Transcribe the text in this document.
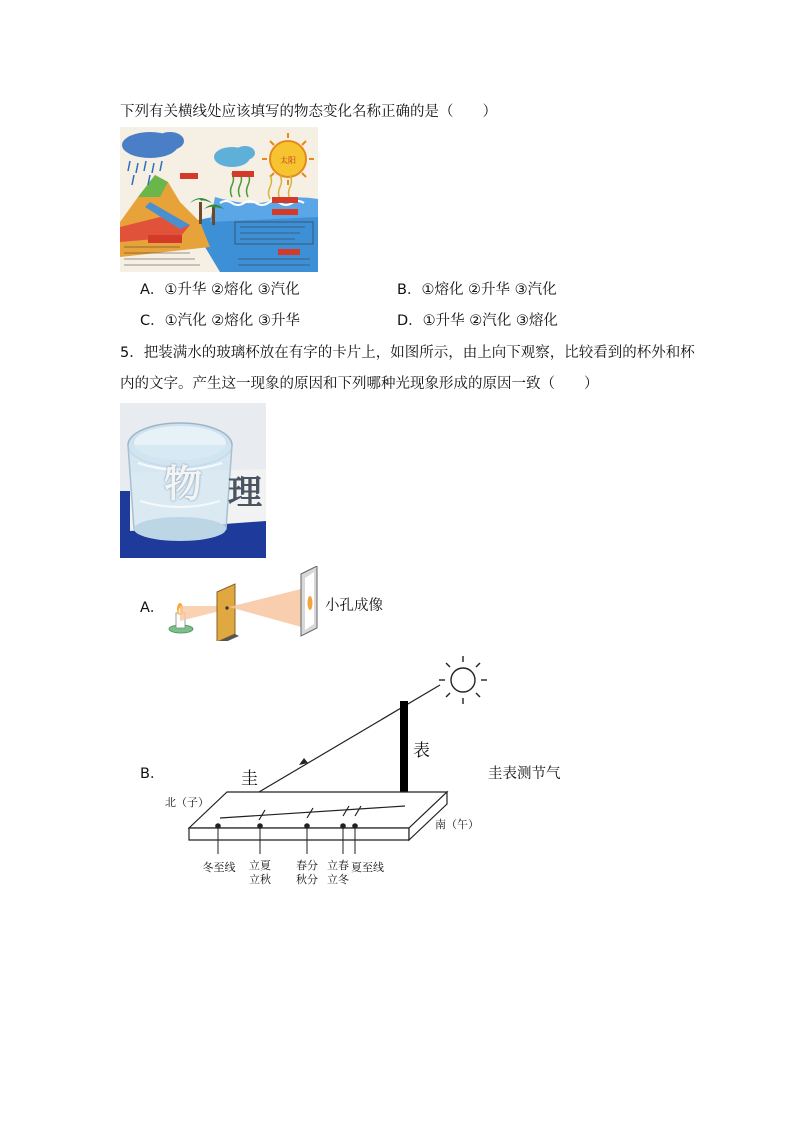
下列有关横线处应该填写的物态变化名称正确的是（　　）
太阳
A．①升华 ②熔化 ③汽化	B．①熔化 ②升华 ③汽化
C．①汽化 ②熔化 ③升华	D．①升华 ②汽化 ③熔化
5．把装满水的玻璃杯放在有字的卡片上，如图所示，由上向下观察，比较看到的杯外和杯
内的文字。产生这一现象的原因和下列哪种光现象形成的原因一致（　　）
物 理
A．	小孔成像
B．	圭
表
北（子）
南（午）
冬至线 立夏
立秋
春分
秋分
立春
立冬
夏至线
圭表测节气
